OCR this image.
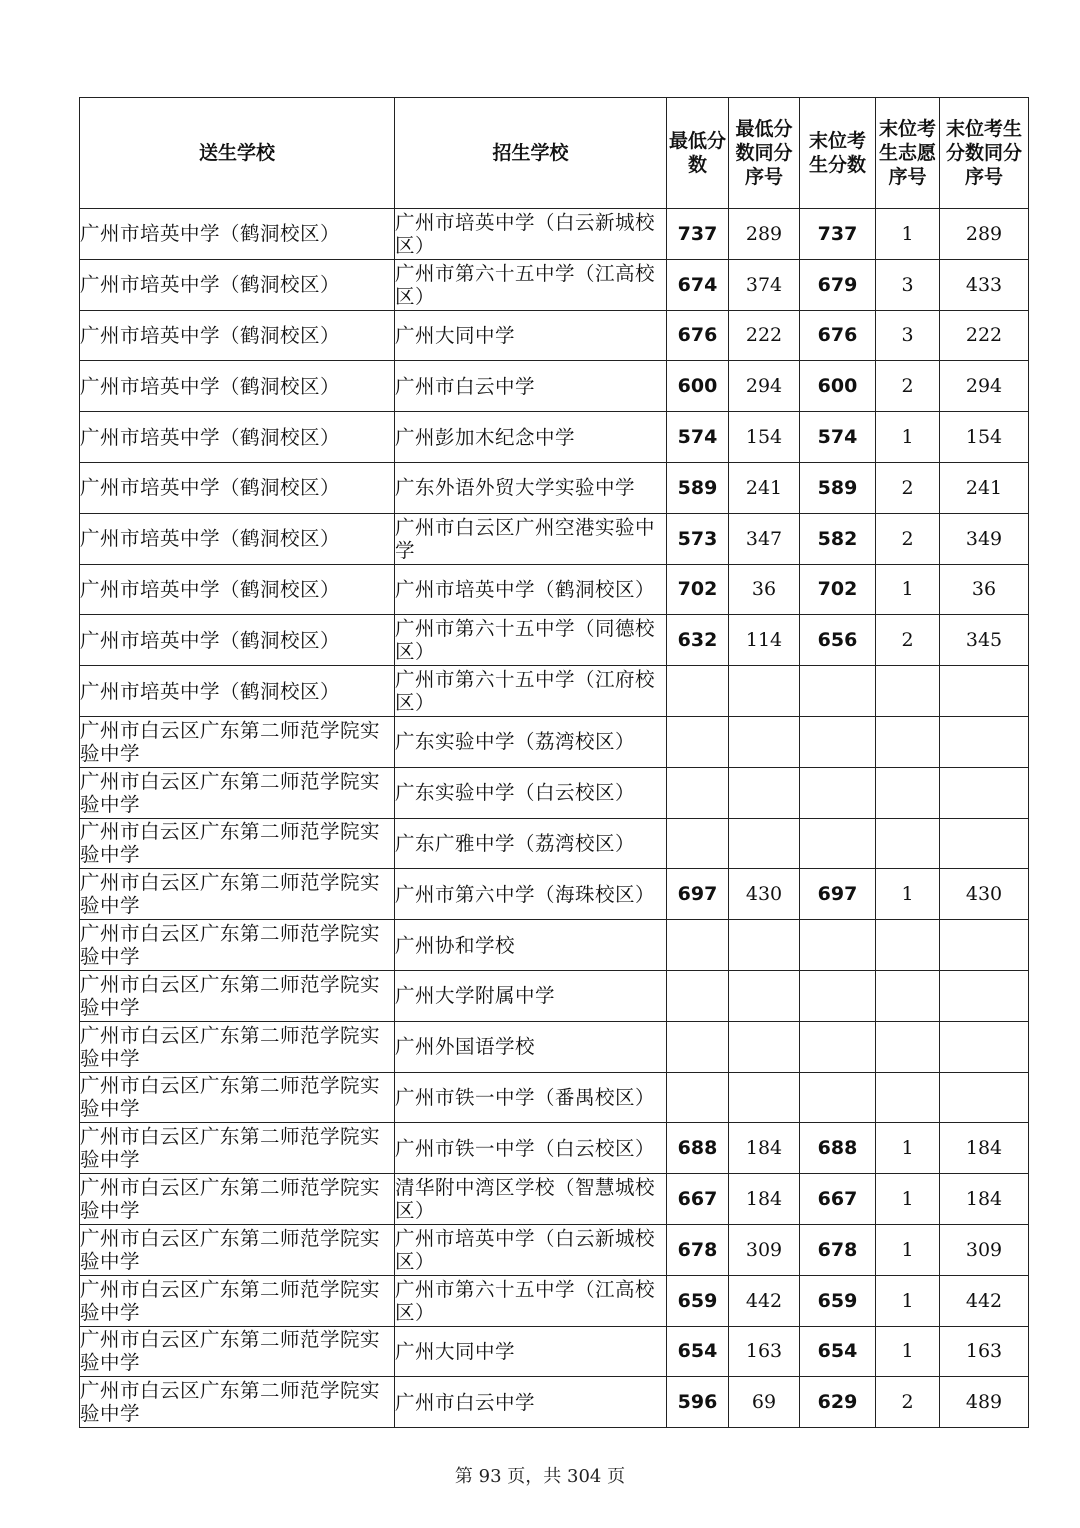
送生学校	招生学校	最低分数	最低分数同分序号	末位考生分数	末位考生志愿序号	末位考生分数同分序号
广州市培英中学（鹤洞校区）	广州市培英中学（白云新城校区）	737	289	737	1	289
广州市培英中学（鹤洞校区）	广州市第六十五中学（江高校区）	674	374	679	3	433
广州市培英中学（鹤洞校区）	广州大同中学	676	222	676	3	222
广州市培英中学（鹤洞校区）	广州市白云中学	600	294	600	2	294
广州市培英中学（鹤洞校区）	广州彭加木纪念中学	574	154	574	1	154
广州市培英中学（鹤洞校区）	广东外语外贸大学实验中学	589	241	589	2	241
广州市培英中学（鹤洞校区）	广州市白云区广州空港实验中学	573	347	582	2	349
广州市培英中学（鹤洞校区）	广州市培英中学（鹤洞校区）	702	36	702	1	36
广州市培英中学（鹤洞校区）	广州市第六十五中学（同德校区）	632	114	656	2	345
广州市培英中学（鹤洞校区）	广州市第六十五中学（江府校区）					
广州市白云区广东第二师范学院实验中学	广东实验中学（荔湾校区）					
广州市白云区广东第二师范学院实验中学	广东实验中学（白云校区）					
广州市白云区广东第二师范学院实验中学	广东广雅中学（荔湾校区）					
广州市白云区广东第二师范学院实验中学	广州市第六中学（海珠校区）	697	430	697	1	430
广州市白云区广东第二师范学院实验中学	广州协和学校					
广州市白云区广东第二师范学院实验中学	广州大学附属中学					
广州市白云区广东第二师范学院实验中学	广州外国语学校					
广州市白云区广东第二师范学院实验中学	广州市铁一中学（番禺校区）					
广州市白云区广东第二师范学院实验中学	广州市铁一中学（白云校区）	688	184	688	1	184
广州市白云区广东第二师范学院实验中学	清华附中湾区学校（智慧城校区）	667	184	667	1	184
广州市白云区广东第二师范学院实验中学	广州市培英中学（白云新城校区）	678	309	678	1	309
广州市白云区广东第二师范学院实验中学	广州市第六十五中学（江高校区）	659	442	659	1	442
广州市白云区广东第二师范学院实验中学	广州大同中学	654	163	654	1	163
广州市白云区广东第二师范学院实验中学	广州市白云中学	596	69	629	2	489
第 93 页，共 304 页
